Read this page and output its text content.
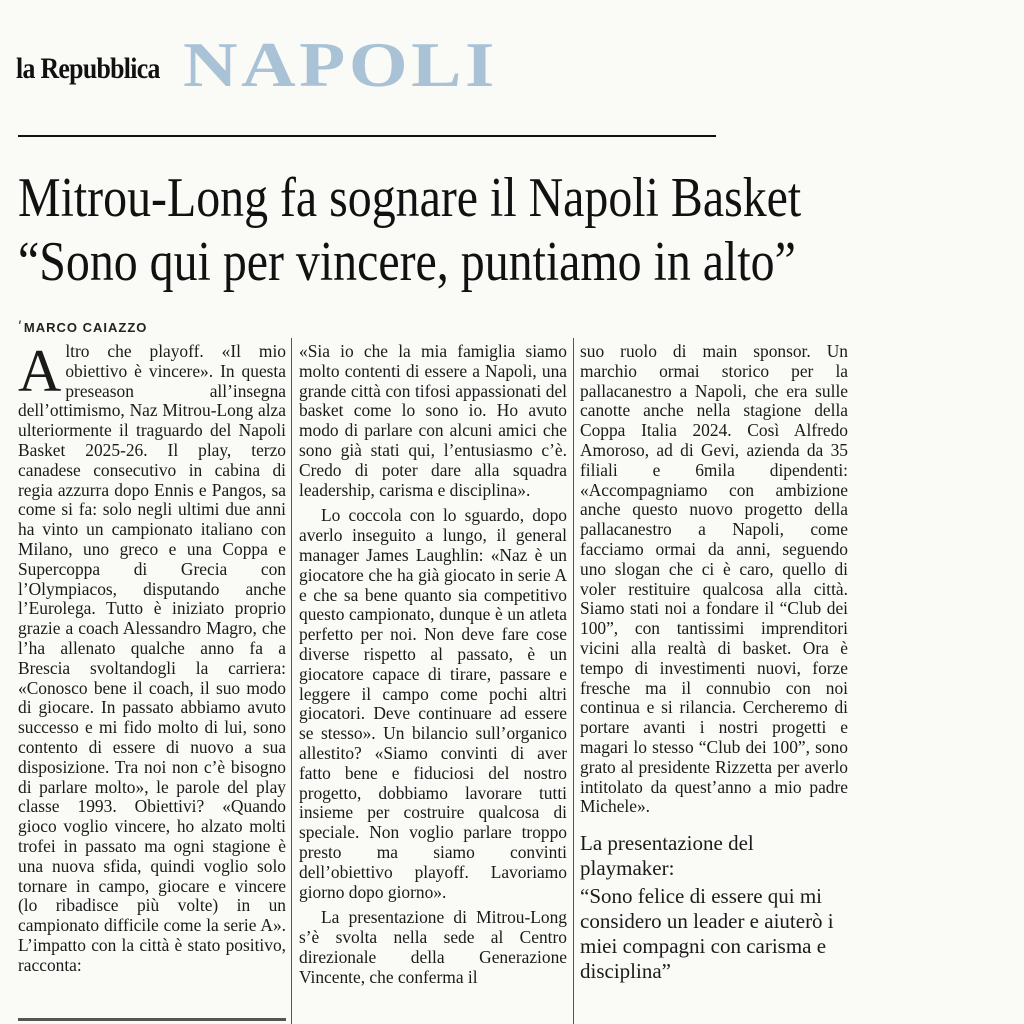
la Repubblica NAPOLI
Mitrou-Long fa sognare il Napoli Basket
“Sono qui per vincere, puntiamo in alto”
ʹMARCO CAIAZZO

Altro che playoff. «Il mio obiettivo è vincere». In questa preseason all’insegna dell’ottimismo, Naz Mitrou-Long alza ulteriormente il traguardo del Napoli Basket 2025-26. Il play, terzo canadese consecutivo in cabina di regia azzurra dopo Ennis e Pangos, sa come si fa: solo negli ultimi due anni ha vinto un campionato italiano con Milano, uno greco e una Coppa e Supercoppa di Grecia con l’Olympiacos, disputando anche l’Eurolega. Tutto è iniziato proprio grazie a coach Alessandro Magro, che l’ha allenato qualche anno fa a Brescia svoltandogli la carriera: «Conosco bene il coach, il suo modo di giocare. In passato abbiamo avuto successo e mi fido molto di lui, sono contento di essere di nuovo a sua disposizione. Tra noi non c’è bisogno di parlare molto», le parole del play classe 1993. Obiettivi? «Quando gioco voglio vincere, ho alzato molti trofei in passato ma ogni stagione è una nuova sfida, quindi voglio solo tornare in campo, giocare e vincere (lo ribadisce più volte) in un campionato difficile come la serie A». L’impatto con la città è stato positivo, racconta:

«Sia io che la mia famiglia siamo molto contenti di essere a Napoli, una grande città con tifosi appassionati del basket come lo sono io. Ho avuto modo di parlare con alcuni amici che sono già stati qui, l’entusiasmo c’è. Credo di poter dare alla squadra leadership, carisma e disciplina».

Lo coccola con lo sguardo, dopo averlo inseguito a lungo, il general manager James Laughlin: «Naz è un giocatore che ha già giocato in serie A e che sa bene quanto sia competitivo questo campionato, dunque è un atleta perfetto per noi. Non deve fare cose diverse rispetto al passato, è un giocatore capace di tirare, passare e leggere il campo come pochi altri giocatori. Deve continuare ad essere se stesso». Un bilancio sull’organico allestito? «Siamo convinti di aver fatto bene e fiduciosi del nostro progetto, dobbiamo lavorare tutti insieme per costruire qualcosa di speciale. Non voglio parlare troppo presto ma siamo convinti dell’obiettivo playoff. Lavoriamo giorno dopo giorno».

La presentazione di Mitrou-Long s’è svolta nella sede al Centro direzionale della Generazione Vincente, che conferma il

suo ruolo di main sponsor. Un marchio ormai storico per la pallacanestro a Napoli, che era sulle canotte anche nella stagione della Coppa Italia 2024. Così Alfredo Amoroso, ad di Gevi, azienda da 35 filiali e 6mila dipendenti: «Accompagniamo con ambizione anche questo nuovo progetto della pallacanestro a Napoli, come facciamo ormai da anni, seguendo uno slogan che ci è caro, quello di voler restituire qualcosa alla città. Siamo stati noi a fondare il “Club dei 100”, con tantissimi imprenditori vicini alla realtà di basket. Ora è tempo di investimenti nuovi, forze fresche ma il connubio con noi continua e si rilancia. Cercheremo di portare avanti i nostri progetti e magari lo stesso “Club dei 100”, sono grato al presidente Rizzetta per averlo intitolato da quest’anno a mio padre Michele».

La presentazione del playmaker:
“Sono felice di essere qui mi considero un leader e aiuterò i miei compagni con carisma e disciplina”
